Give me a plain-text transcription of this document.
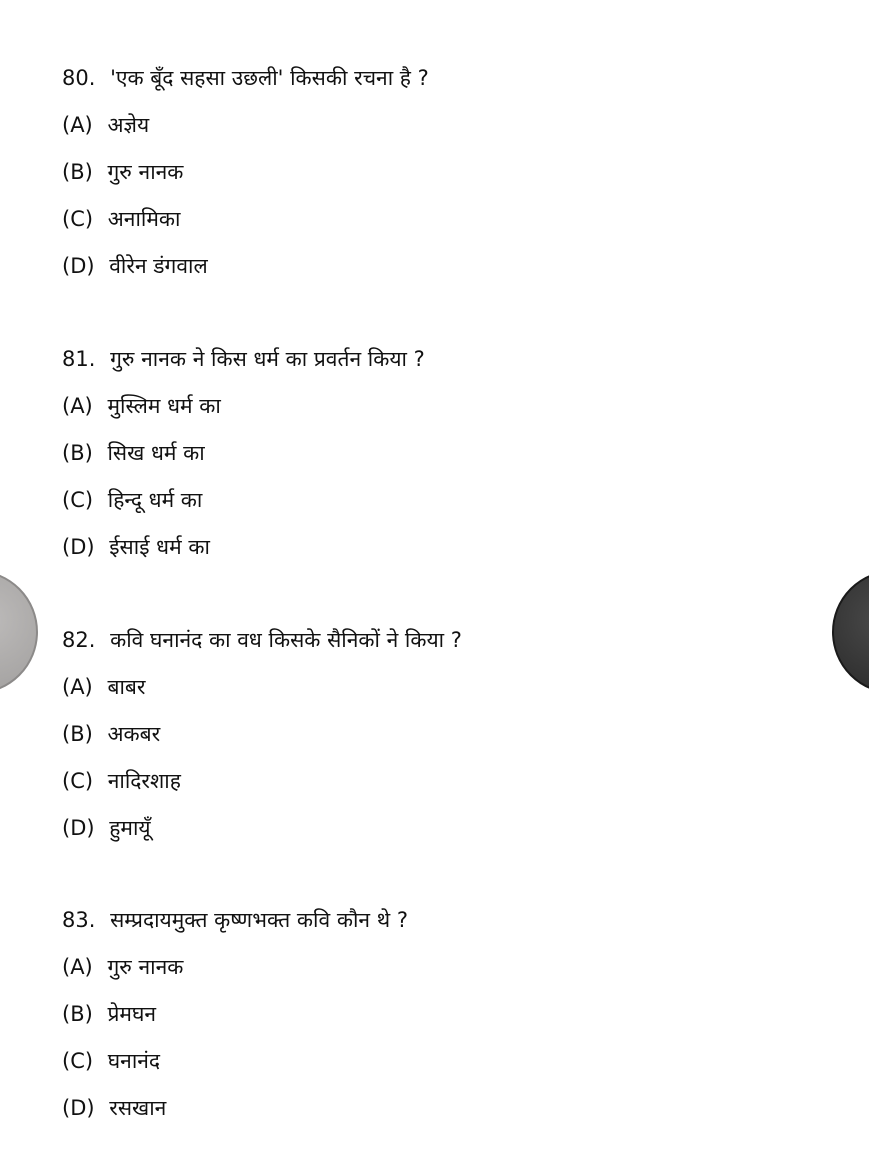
80. 'एक बूँद सहसा उछली' किसकी रचना है ?
(A) अज्ञेय
(B) गुरु नानक
(C) अनामिका
(D) वीरेन डंगवाल
81. गुरु नानक ने किस धर्म का प्रवर्तन किया ?
(A) मुस्लिम धर्म का
(B) सिख धर्म का
(C) हिन्दू धर्म का
(D) ईसाई धर्म का
82. कवि घनानंद का वध किसके सैनिकों ने किया ?
(A) बाबर
(B) अकबर
(C) नादिरशाह
(D) हुमायूँ
83. सम्प्रदायमुक्त कृष्णभक्त कवि कौन थे ?
(A) गुरु नानक
(B) प्रेमघन
(C) घनानंद
(D) रसखान
